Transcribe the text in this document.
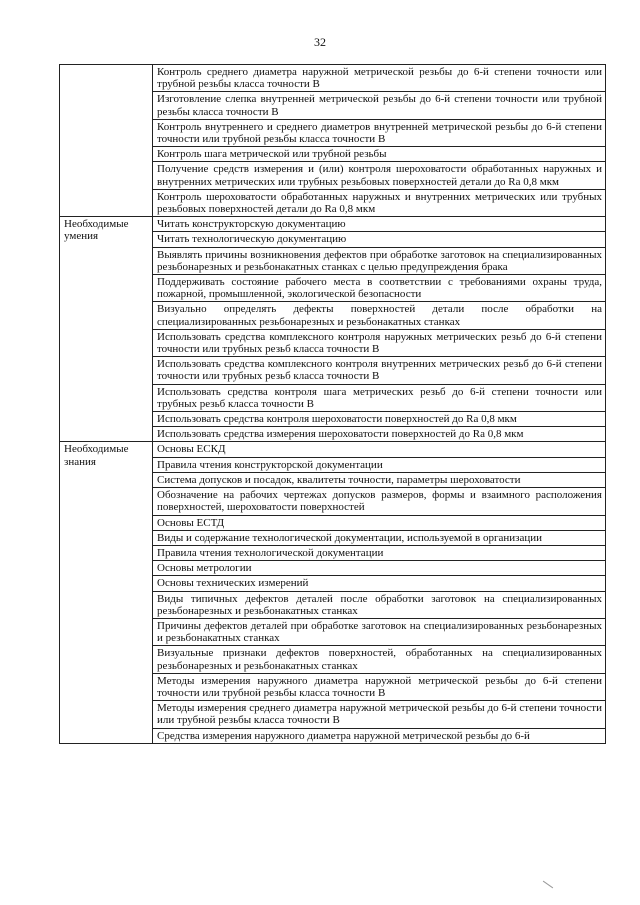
32
	Контроль среднего диаметра наружной метрической резьбы до 6-й степени точности или трубной резьбы класса точности В
	Изготовление слепка внутренней метрической резьбы до 6-й степени точности или трубной резьбы класса точности В
	Контроль внутреннего и среднего диаметров внутренней метрической резьбы до 6-й степени точности или трубной резьбы класса точности В
	Контроль шага метрической или трубной резьбы
	Получение средств измерения и (или) контроля шероховатости обработанных наружных и внутренних метрических или трубных резьбовых поверхностей детали до Ra 0,8 мкм
	Контроль шероховатости обработанных наружных и внутренних метрических или трубных резьбовых поверхностей детали до Ra 0,8 мкм
Необходимые умения	Читать конструкторскую документацию
	Читать технологическую документацию
	Выявлять причины возникновения дефектов при обработке заготовок на специализированных резьбонарезных и резьбонакатных станках с целью предупреждения брака
	Поддерживать состояние рабочего места в соответствии с требованиями охраны труда, пожарной, промышленной, экологической безопасности
	Визуально определять дефекты поверхностей детали после обработки на специализированных резьбонарезных и резьбонакатных станках
	Использовать средства комплексного контроля наружных метрических резьб до 6-й степени точности или трубных резьб класса точности В
	Использовать средства комплексного контроля внутренних метрических резьб до 6-й степени точности или трубных резьб класса точности В
	Использовать средства контроля шага метрических резьб до 6-й степени точности или трубных резьб класса точности В
	Использовать средства контроля шероховатости поверхностей до Ra 0,8 мкм
	Использовать средства измерения шероховатости поверхностей до Ra 0,8 мкм
Необходимые знания	Основы ЕСКД
	Правила чтения конструкторской документации
	Система допусков и посадок, квалитеты точности, параметры шероховатости
	Обозначение на рабочих чертежах допусков размеров, формы и взаимного расположения поверхностей, шероховатости поверхностей
	Основы ЕСТД
	Виды и содержание технологической документации, используемой в организации
	Правила чтения технологической документации
	Основы метрологии
	Основы технических измерений
	Виды типичных дефектов деталей после обработки заготовок на специализированных резьбонарезных и резьбонакатных станках
	Причины дефектов деталей при обработке заготовок на специализированных резьбонарезных и резьбонакатных станках
	Визуальные признаки дефектов поверхностей, обработанных на специализированных резьбонарезных и резьбонакатных станках
	Методы измерения наружного диаметра наружной метрической резьбы до 6-й степени точности или трубной резьбы класса точности В
	Методы измерения среднего диаметра наружной метрической резьбы до 6-й степени точности или трубной резьбы класса точности В
	Средства измерения наружного диаметра наружной метрической резьбы до 6-й
